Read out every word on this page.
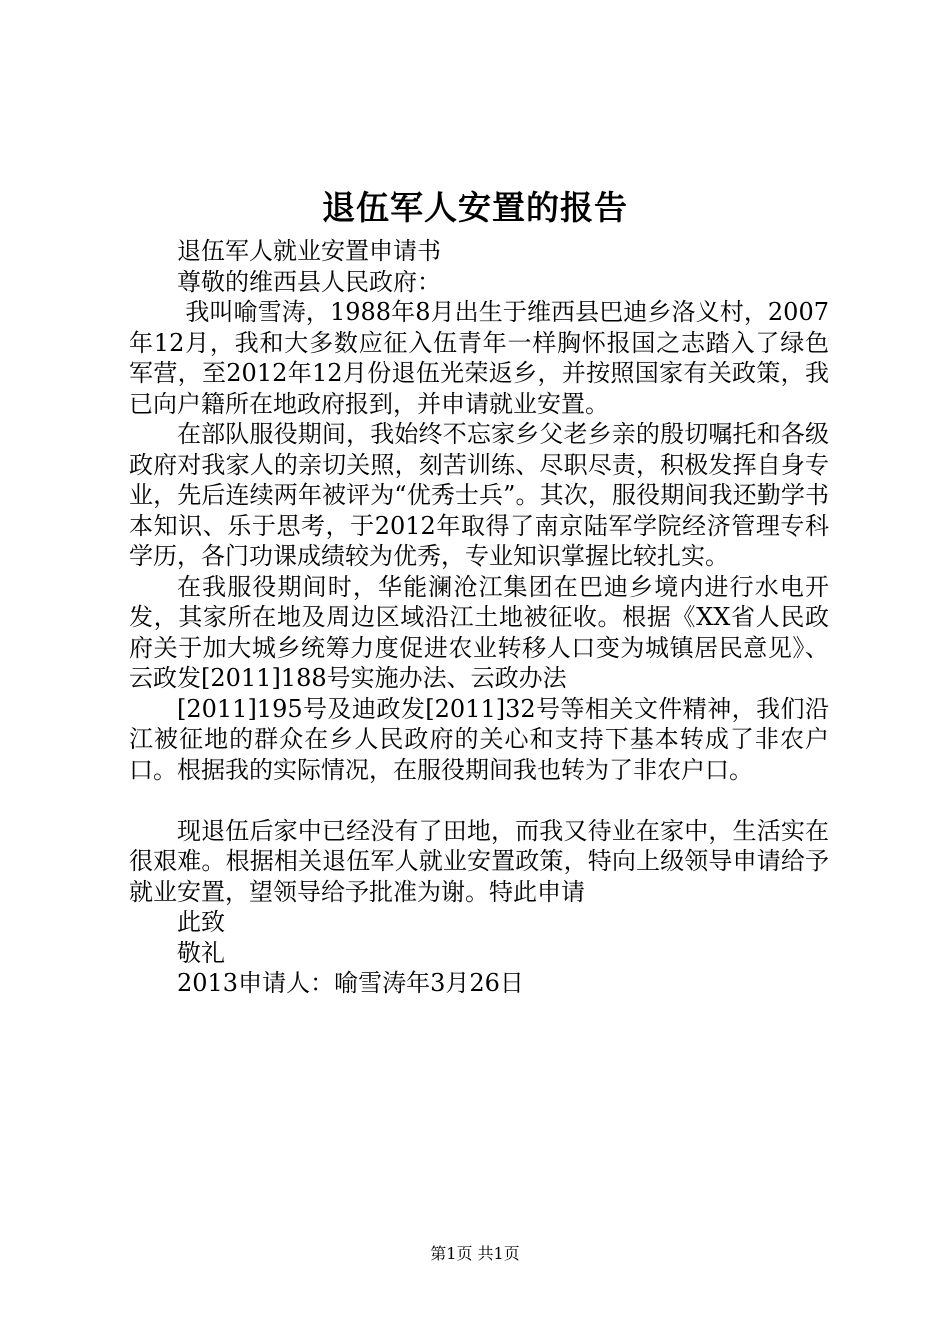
退伍军人安置的报告

退伍军人就业安置申请书

尊敬的维西县人民政府：

我叫喻雪涛，1988年8月出生于维西县巴迪乡洛义村，2007年12月，我和大多数应征入伍青年一样胸怀报国之志踏入了绿色军营，至2012年12月份退伍光荣返乡，并按照国家有关政策，我已向户籍所在地政府报到，并申请就业安置。

在部队服役期间，我始终不忘家乡父老乡亲的殷切嘱托和各级政府对我家人的亲切关照，刻苦训练、尽职尽责，积极发挥自身专业，先后连续两年被评为“优秀士兵”。其次，服役期间我还勤学书本知识、乐于思考，于2012年取得了南京陆军学院经济管理专科学历，各门功课成绩较为优秀，专业知识掌握比较扎实。

在我服役期间时，华能澜沧江集团在巴迪乡境内进行水电开发，其家所在地及周边区域沿江土地被征收。根据《XX省人民政府关于加大城乡统筹力度促进农业转移人口变为城镇居民意见》、云政发[2011]188号实施办法、云政办法

[2011]195号及迪政发[2011]32号等相关文件精神，我们沿江被征地的群众在乡人民政府的关心和支持下基本转成了非农户口。根据我的实际情况，在服役期间我也转为了非农户口。

现退伍后家中已经没有了田地，而我又待业在家中，生活实在很艰难。根据相关退伍军人就业安置政策，特向上级领导申请给予就业安置，望领导给予批准为谢。特此申请

此致

敬礼

2013申请人：喻雪涛年3月26日

第1页 共1页
